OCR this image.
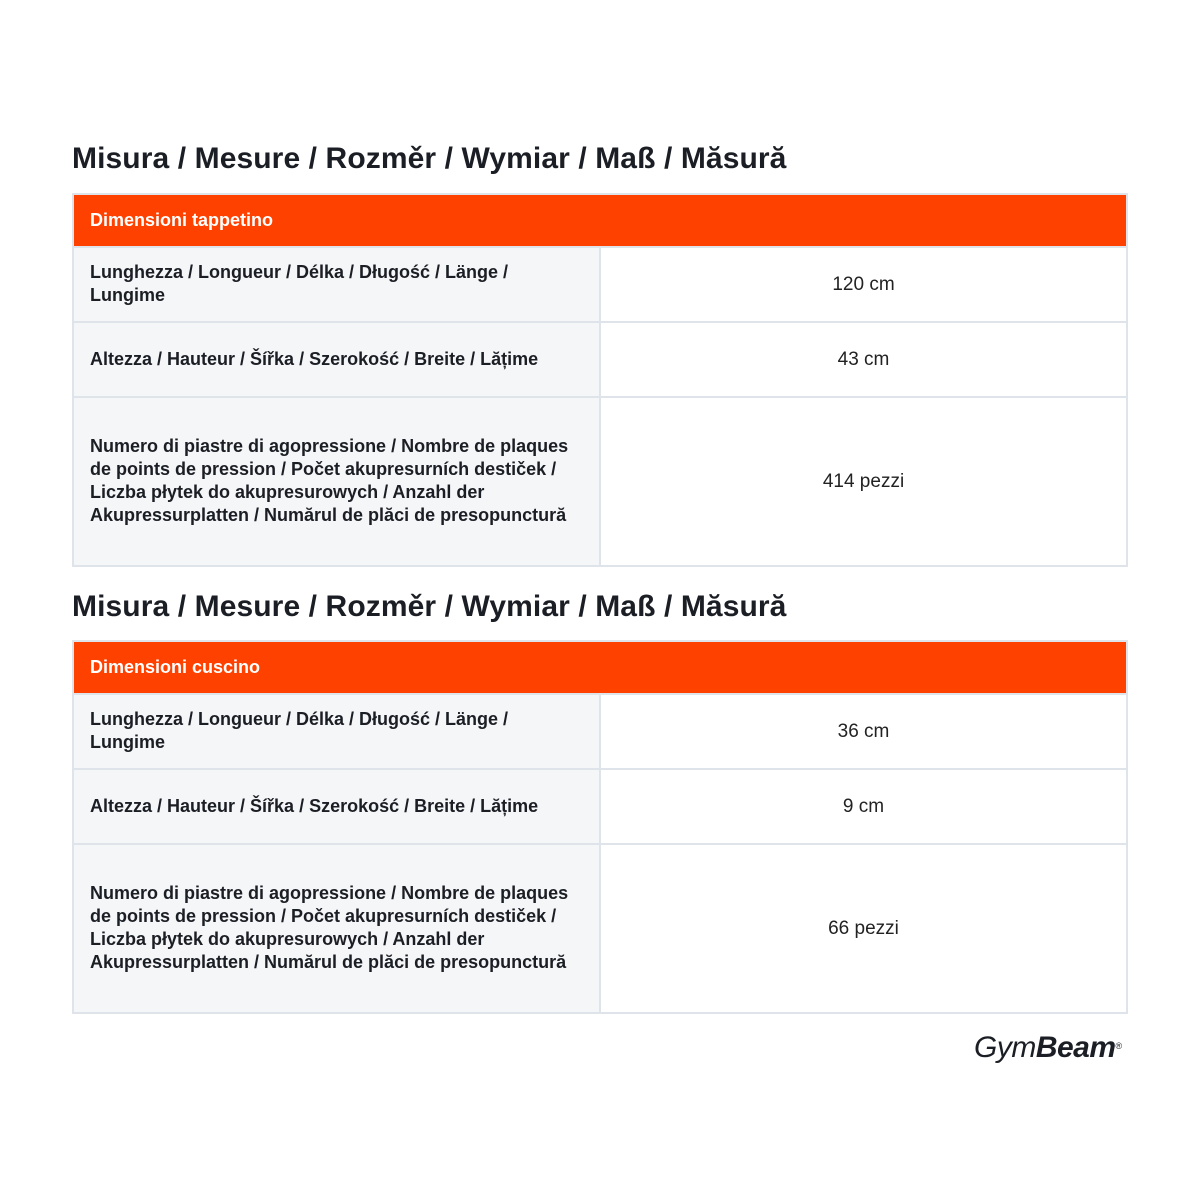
Misura / Mesure / Rozměr / Wymiar / Maß / Măsură
Dimensioni tappetino	
Lunghezza / Longueur / Délka / Długość / Länge / Lungime	120 cm
Altezza / Hauteur / Šířka / Szerokość / Breite / Lățime	43 cm
Numero di piastre di agopressione / Nombre de plaques de points de pression / Počet akupresurních destiček / Liczba płytek do akupresurowych / Anzahl der Akupressurplatten / Numărul de plăci de presopunctură	414 pezzi
Misura / Mesure / Rozměr / Wymiar / Maß / Măsură
Dimensioni cuscino	
Lunghezza / Longueur / Délka / Długość / Länge / Lungime	36 cm
Altezza / Hauteur / Šířka / Szerokość / Breite / Lățime	9 cm
Numero di piastre di agopressione / Nombre de plaques de points de pression / Počet akupresurních destiček / Liczba płytek do akupresurowych / Anzahl der Akupressurplatten / Numărul de plăci de presopunctură	66 pezzi
GymBeam®
